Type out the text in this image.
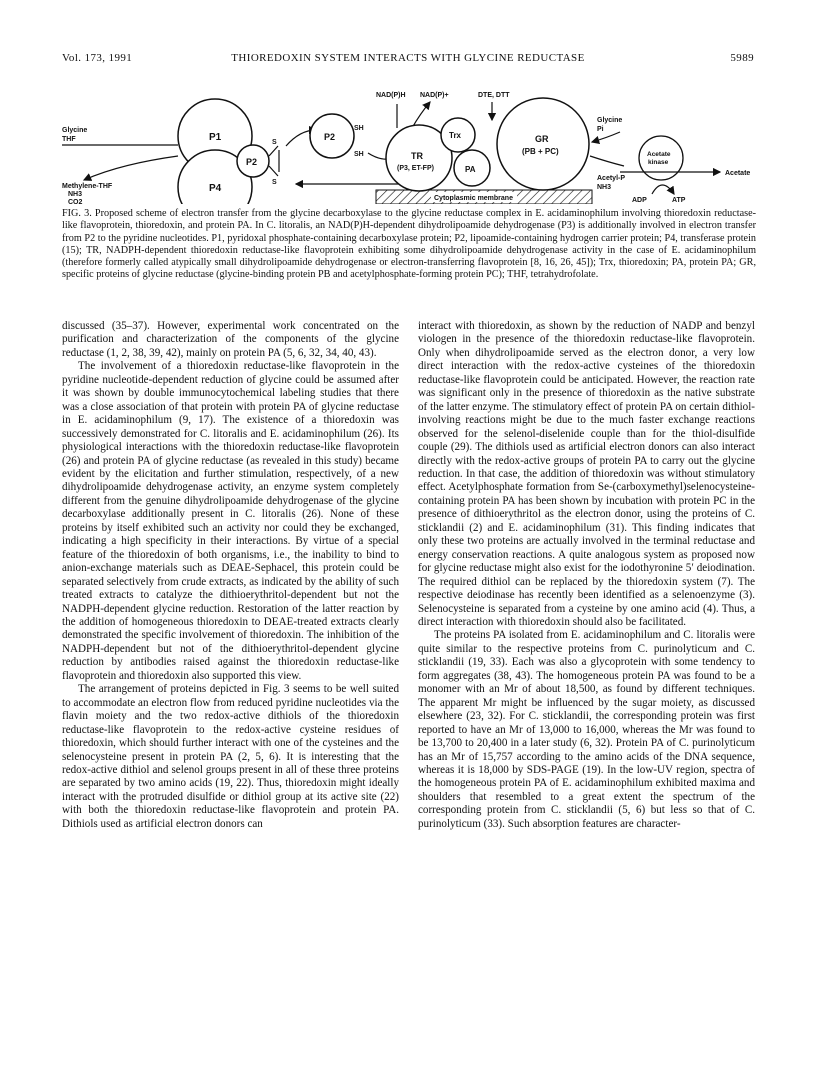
Vol. 173, 1991	THIOREDOXIN SYSTEM INTERACTS WITH GLYCINE REDUCTASE	5989
Glycine
THF
Methylene-THF
NH3
CO2
P1
P4
P2
S
S
P2
SH
SH
NAD(P)H NAD(P)+	DTE, DTT
Cytoplasmic membrane
TR
(P3, ET-FP)
Trx
PA
GR
(PB + PC)
Glycine
Pi
Acetyl-P
NH3
Acetate
kinase
Acetate
ADP	ATP
FIG. 3. Proposed scheme of electron transfer from the glycine decarboxylase to the glycine reductase complex in E. acidaminophilum involving thioredoxin reductase-like flavoprotein, thioredoxin, and protein PA. In C. litoralis, an NAD(P)H-dependent dihydrolipoamide dehydrogenase (P3) is additionally involved in electron transfer from P2 to the pyridine nucleotides. P1, pyridoxal phosphate-containing decarboxylase protein; P2, lipoamide-containing hydrogen carrier protein; P4, transferase protein (15); TR, NADPH-dependent thioredoxin reductase-like flavoprotein exhibiting some dihydrolipoamide dehydrogenase activity in the case of E. acidaminophilum (therefore formerly called atypically small dihydrolipoamide dehydrogenase or electron-transferring flavoprotein [8, 16, 26, 45]); Trx, thioredoxin; PA, protein PA; GR, specific proteins of glycine reductase (glycine-binding protein PB and acetylphosphate-forming protein PC); THF, tetrahydrofolate.

discussed (35–37). However, experimental work concentrated on the purification and characterization of the components of the glycine reductase (1, 2, 38, 39, 42), mainly on protein PA (5, 6, 32, 34, 40, 43).

The involvement of a thioredoxin reductase-like flavoprotein in the pyridine nucleotide-dependent reduction of glycine could be assumed after it was shown by double immunocytochemical labeling studies that there was a close association of that protein with protein PA of glycine reductase in E. acidaminophilum (9, 17). The existence of a thioredoxin was successively demonstrated for C. litoralis and E. acidaminophilum (26). Its physiological interactions with the thioredoxin reductase-like flavoprotein (26) and protein PA of glycine reductase (as revealed in this study) became evident by the elicitation and further stimulation, respectively, of a new dihydrolipoamide dehydrogenase activity, an enzyme system completely different from the genuine dihydrolipoamide dehydrogenase of the glycine decarboxylase additionally present in C. litoralis (26). None of these proteins by itself exhibited such an activity nor could they be exchanged, indicating a high specificity in their interactions. By virtue of a special feature of the thioredoxin of both organisms, i.e., the inability to bind to anion-exchange materials such as DEAE-Sephacel, this protein could be separated selectively from crude extracts, as indicated by the ability of such treated extracts to catalyze the dithioerythritol-dependent but not the NADPH-dependent glycine reduction. Restoration of the latter reaction by the addition of homogeneous thioredoxin to DEAE-treated extracts clearly demonstrated the specific involvement of thioredoxin. The inhibition of the NADPH-dependent but not of the dithioerythritol-dependent glycine reduction by antibodies raised against the thioredoxin reductase-like flavoprotein and thioredoxin also supported this view.

The arrangement of proteins depicted in Fig. 3 seems to be well suited to accommodate an electron flow from reduced pyridine nucleotides via the flavin moiety and the two redox-active dithiols of the thioredoxin reductase-like flavoprotein to the redox-active cysteine residues of thioredoxin, which should further interact with one of the cysteines and the selenocysteine present in protein PA (2, 5, 6). It is interesting that the redox-active dithiol and selenol groups present in all of these three proteins are separated by two amino acids (19, 22). Thus, thioredoxin might ideally interact with the protruded disulfide or dithiol group at its active site (22) with both the thioredoxin reductase-like flavoprotein and protein PA. Dithiols used as artificial electron donors can

interact with thioredoxin, as shown by the reduction of NADP and benzyl viologen in the presence of the thioredoxin reductase-like flavoprotein. Only when dihydrolipoamide served as the electron donor, a very low direct interaction with the redox-active cysteines of the thioredoxin reductase-like flavoprotein could be anticipated. However, the reaction rate was significant only in the presence of thioredoxin as the native substrate of the latter enzyme. The stimulatory effect of protein PA on certain dithiol-involving reactions might be due to the much faster exchange reactions observed for the selenol-diselenide couple than for the thiol-disulfide couple (29). The dithiols used as artificial electron donors can also interact directly with the redox-active groups of protein PA to carry out the glycine reduction. In that case, the addition of thioredoxin was without stimulatory effect. Acetylphosphate formation from Se-(carboxymethyl)selenocysteine-containing protein PA has been shown by incubation with protein PC in the presence of dithioerythritol as the electron donor, using the proteins of C. sticklandii (2) and E. acidaminophilum (31). This finding indicates that only these two proteins are actually involved in the terminal reductase and energy conservation reactions. A quite analogous system as proposed now for glycine reductase might also exist for the iodothyronine 5′ deiodination. The required dithiol can be replaced by the thioredoxin system (7). The respective deiodinase has recently been identified as a selenoenzyme (3). Selenocysteine is separated from a cysteine by one amino acid (4). Thus, a direct interaction with thioredoxin should also be facilitated.

The proteins PA isolated from E. acidaminophilum and C. litoralis were quite similar to the respective proteins from C. purinolyticum and C. sticklandii (19, 33). Each was also a glycoprotein with some tendency to form aggregates (38, 43). The homogeneous protein PA was found to be a monomer with an Mr of about 18,500, as found by different techniques. The apparent Mr might be influenced by the sugar moiety, as discussed elsewhere (23, 32). For C. sticklandii, the corresponding protein was first reported to have an Mr of 13,000 to 16,000, whereas the Mr was found to be 13,700 to 20,400 in a later study (6, 32). Protein PA of C. purinolyticum has an Mr of 15,757 according to the amino acids of the DNA sequence, whereas it is 18,000 by SDS-PAGE (19). In the low-UV region, spectra of the homogeneous protein PA of E. acidaminophilum exhibited maxima and shoulders that resembled to a great extent the spectrum of the corresponding protein from C. sticklandii (5, 6) but less so that of C. purinolyticum (33). Such absorption features are character-
